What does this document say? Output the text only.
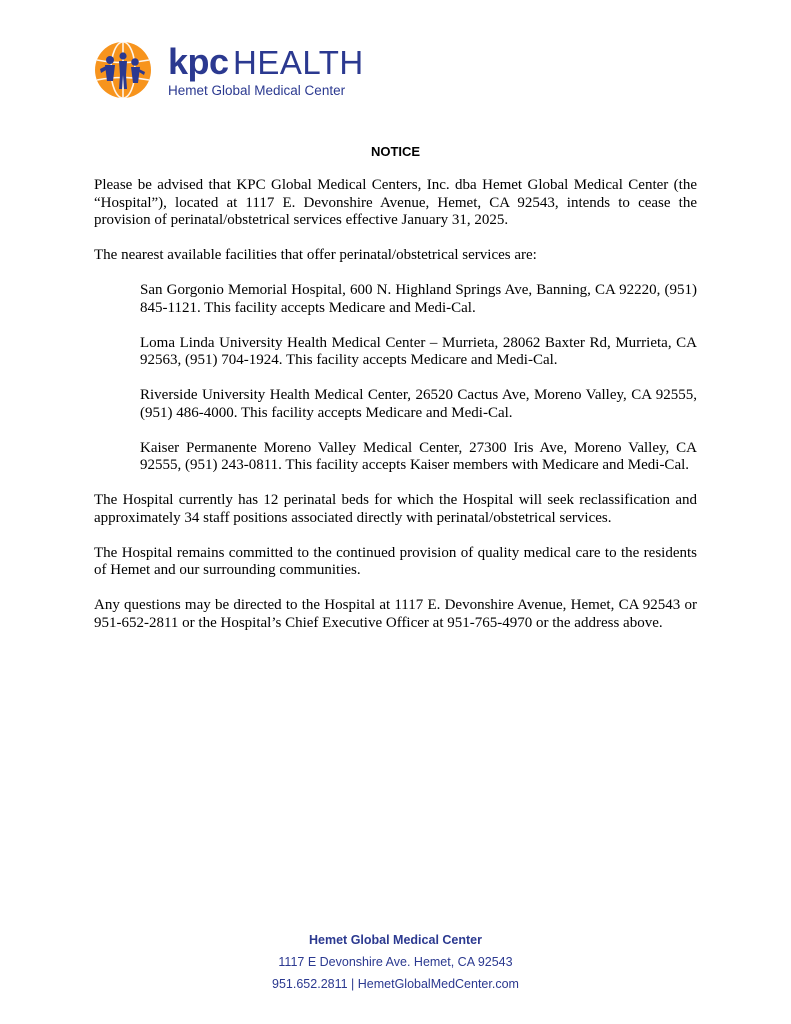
kpc HEALTH
Hemet Global Medical Center
NOTICE

Please be advised that KPC Global Medical Centers, Inc. dba Hemet Global Medical Center (the “Hospital”), located at 1117 E. Devonshire Avenue, Hemet, CA 92543, intends to cease the provision of perinatal/obstetrical services effective January 31, 2025.

The nearest available facilities that offer perinatal/obstetrical services are:

San Gorgonio Memorial Hospital, 600 N. Highland Springs Ave, Banning, CA 92220, (951) 845-1121. This facility accepts Medicare and Medi-Cal.

Loma Linda University Health Medical Center – Murrieta, 28062 Baxter Rd, Murrieta, CA 92563, (951) 704-1924. This facility accepts Medicare and Medi-Cal.

Riverside University Health Medical Center, 26520 Cactus Ave, Moreno Valley, CA 92555, (951) 486-4000. This facility accepts Medicare and Medi-Cal.

Kaiser Permanente Moreno Valley Medical Center, 27300 Iris Ave, Moreno Valley, CA 92555, (951) 243-0811. This facility accepts Kaiser members with Medicare and Medi-Cal.

The Hospital currently has 12 perinatal beds for which the Hospital will seek reclassification and approximately 34 staff positions associated directly with perinatal/obstetrical services.

The Hospital remains committed to the continued provision of quality medical care to the residents of Hemet and our surrounding communities.

Any questions may be directed to the Hospital at 1117 E. Devonshire Avenue, Hemet, CA 92543 or 951-652-2811 or the Hospital’s Chief Executive Officer at 951-765-4970 or the address above.

Hemet Global Medical Center
1117 E Devonshire Ave. Hemet, CA 92543
951.652.2811 | HemetGlobalMedCenter.com
